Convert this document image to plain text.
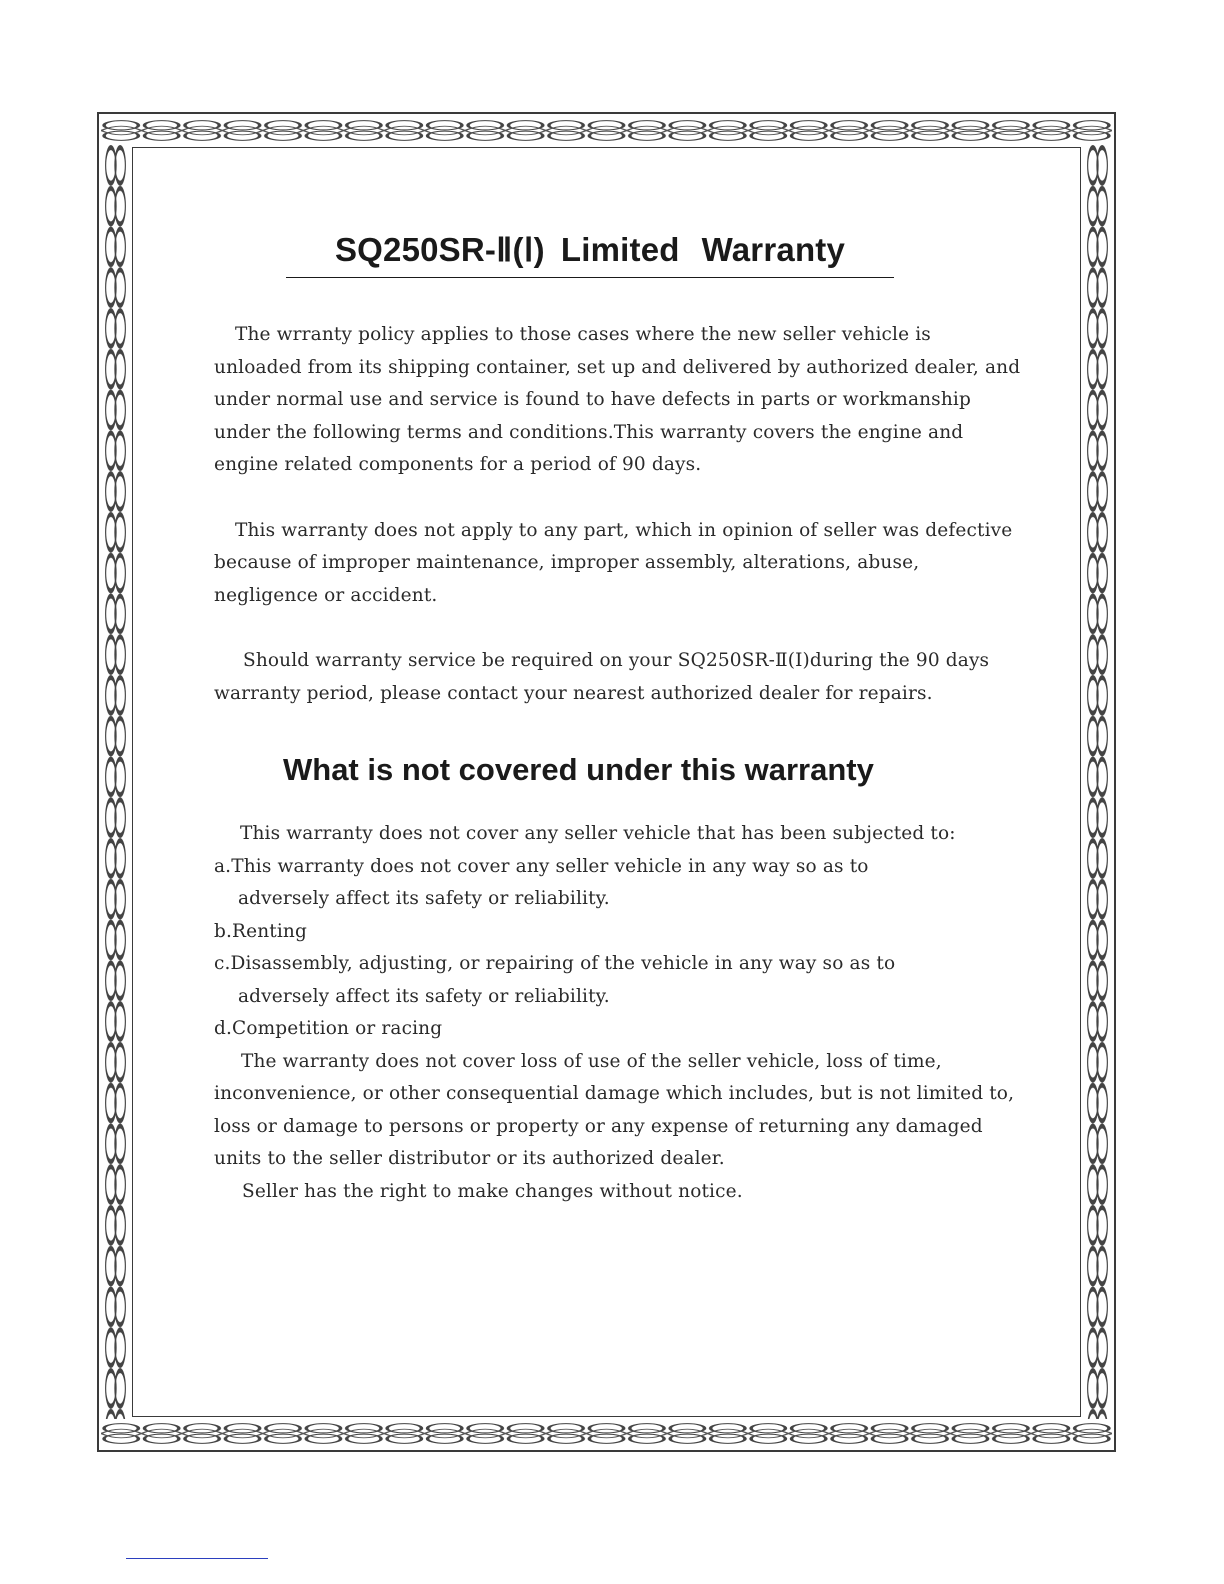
SQ250SR-Ⅱ(Ⅰ) Limited Warranty

The wrranty policy applies to those cases where the new seller vehicle is unloaded from its shipping container, set up and delivered by authorized dealer, and under normal use and service is found to have defects in parts or workmanship under the following terms and conditions.This warranty covers the engine and engine related components for a period of 90 days.

This warranty does not apply to any part, which in opinion of seller was defective because of improper maintenance, improper assembly, alterations, abuse, negligence or accident.

Should warranty service be required on your SQ250SR-Ⅱ(Ⅰ)during the 90 days warranty period, please contact your nearest authorized dealer for repairs.

What is not covered under this warranty

This warranty does not cover any seller vehicle that has been subjected to:

a.This warranty does not cover any seller vehicle in any way so as to
adversely affect its safety or reliability.

b.Renting

c.Disassembly, adjusting, or repairing of the vehicle in any way so as to
adversely affect its safety or reliability.

d.Competition or racing

The warranty does not cover loss of use of the seller vehicle, loss of time, inconvenience, or other consequential damage which includes, but is not limited to, loss or damage to persons or property or any expense of returning any damaged units to the seller distributor or its authorized dealer.

Seller has the right to make changes without notice.
